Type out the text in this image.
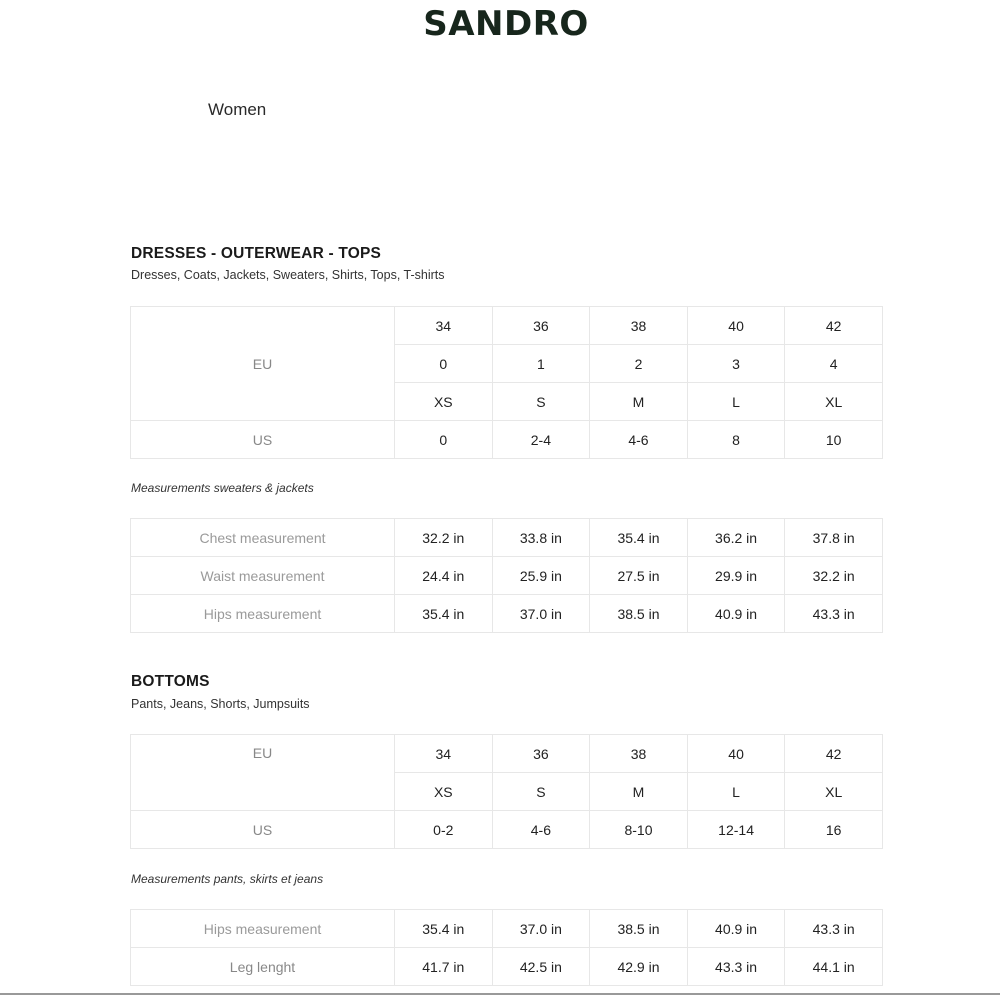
SANDRO
Women
DRESSES - OUTERWEAR - TOPS
Dresses, Coats, Jackets, Sweaters, Shirts, Tops, T-shirts
EU	34	36	38	40	42
	0	1	2	3	4
	XS	S	M	L	XL
US	0	2-4	4-6	8	10
Measurements sweaters & jackets
Chest measurement	32.2 in	33.8 in	35.4 in	36.2 in	37.8 in
Waist measurement	24.4 in	25.9 in	27.5 in	29.9 in	32.2 in
Hips measurement	35.4 in	37.0 in	38.5 in	40.9 in	43.3 in
BOTTOMS
Pants, Jeans, Shorts, Jumpsuits
EU	34	36	38	40	42
	XS	S	M	L	XL
US	0-2	4-6	8-10	12-14	16
Measurements pants, skirts et jeans
Hips measurement	35.4 in	37.0 in	38.5 in	40.9 in	43.3 in
Leg lenght	41.7 in	42.5 in	42.9 in	43.3 in	44.1 in
